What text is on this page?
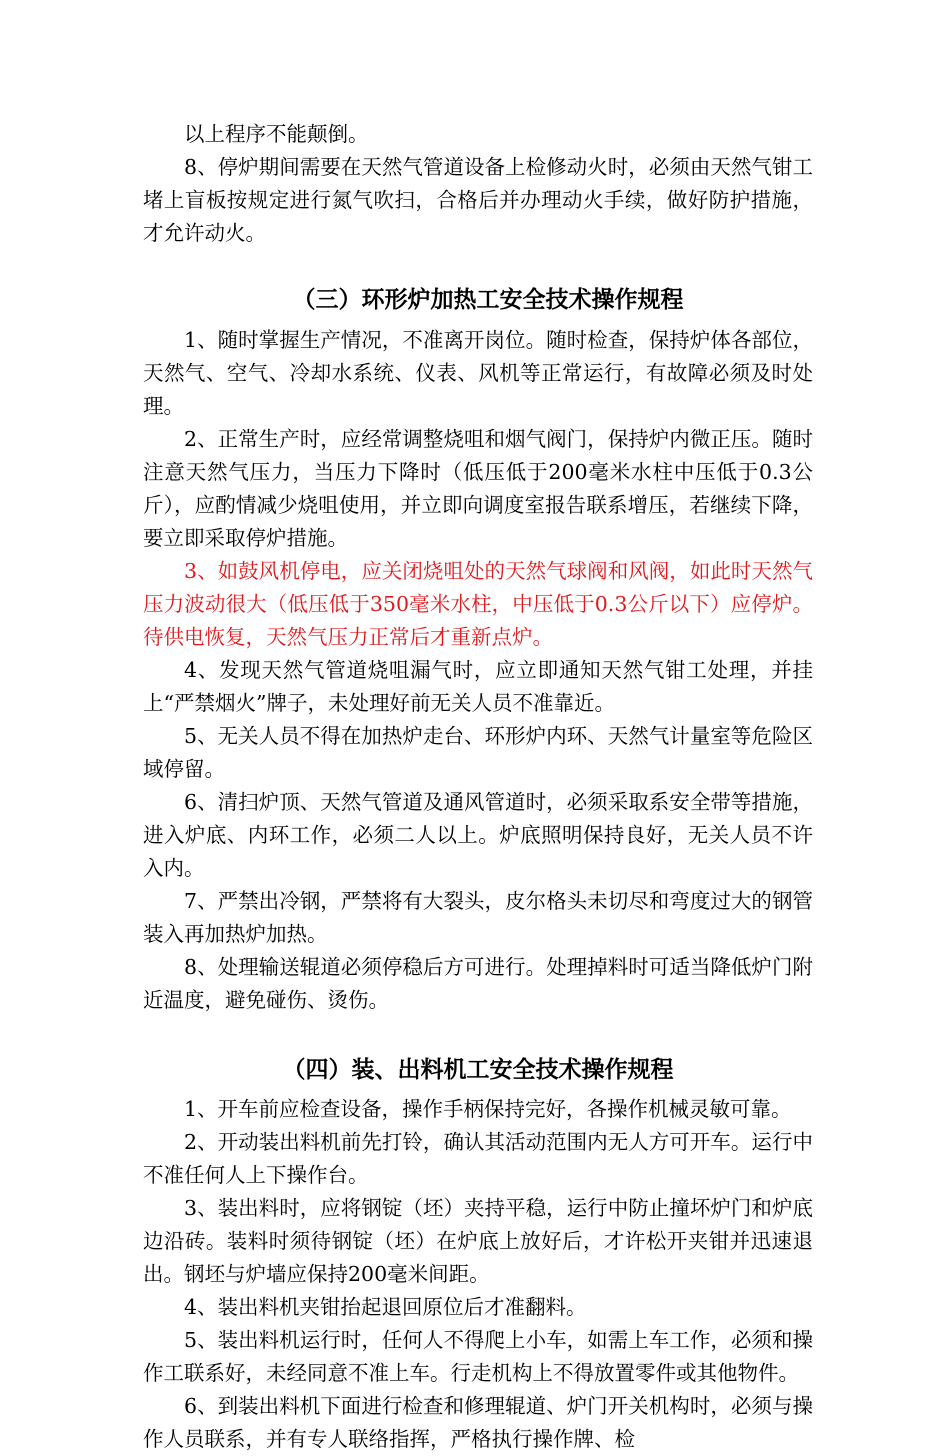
以上程序不能颠倒。

8、停炉期间需要在天然气管道设备上检修动火时，必须由天然气钳工堵上盲板按规定进行氮气吹扫，合格后并办理动火手续，做好防护措施，才允许动火。

（三）环形炉加热工安全技术操作规程

1、随时掌握生产情况，不准离开岗位。随时检查，保持炉体各部位，天然气、空气、冷却水系统、仪表、风机等正常运行，有故障必须及时处理。

2、正常生产时，应经常调整烧咀和烟气阀门，保持炉内微正压。随时注意天然气压力，当压力下降时（低压低于200毫米水柱中压低于0.3公斤），应酌情减少烧咀使用，并立即向调度室报告联系增压，若继续下降，要立即采取停炉措施。

3、如鼓风机停电，应关闭烧咀处的天然气球阀和风阀，如此时天然气压力波动很大（低压低于350毫米水柱，中压低于0.3公斤以下）应停炉。待供电恢复，天然气压力正常后才重新点炉。

4、发现天然气管道烧咀漏气时，应立即通知天然气钳工处理，并挂上“严禁烟火”牌子，未处理好前无关人员不准靠近。

5、无关人员不得在加热炉走台、环形炉内环、天然气计量室等危险区域停留。

6、清扫炉顶、天然气管道及通风管道时，必须采取系安全带等措施，进入炉底、内环工作，必须二人以上。炉底照明保持良好，无关人员不许入内。

7、严禁出冷钢，严禁将有大裂头，皮尔格头未切尽和弯度过大的钢管装入再加热炉加热。

8、处理输送辊道必须停稳后方可进行。处理掉料时可适当降低炉门附近温度，避免碰伤、烫伤。

（四）装、出料机工安全技术操作规程

1、开车前应检查设备，操作手柄保持完好，各操作机械灵敏可靠。

2、开动装出料机前先打铃，确认其活动范围内无人方可开车。运行中不准任何人上下操作台。

3、装出料时，应将钢锭（坯）夹持平稳，运行中防止撞坏炉门和炉底边沿砖。装料时须待钢锭（坯）在炉底上放好后，才许松开夹钳并迅速退出。钢坯与炉墙应保持200毫米间距。

4、装出料机夹钳抬起退回原位后才准翻料。

5、装出料机运行时，任何人不得爬上小车，如需上车工作，必须和操作工联系好，未经同意不准上车。行走机构上不得放置零件或其他物件。

6、到装出料机下面进行检查和修理辊道、炉门开关机构时，必须与操作人员联系，并有专人联络指挥，严格执行操作牌、检
